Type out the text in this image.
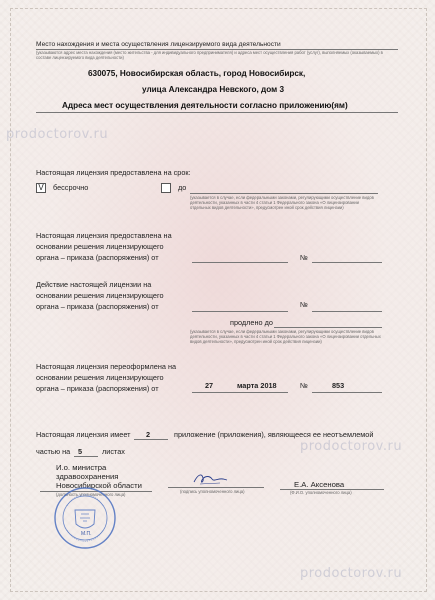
Место нахождения и места осуществления лицензируемого вида деятельности
(указываются адрес места нахождения (место жительства - для индивидуального предпринимателя) и адреса мест осуществления работ (услуг), выполняемых (оказываемых) в составе лицензируемого вида деятельности)
630075, Новосибирская область, город Новосибирск,
улица Александра Невского, дом 3
Адреса мест осуществления деятельности согласно приложению(ям)
prodoctorov.ru
Настоящая лицензия предоставлена на срок:
V	бессрочно	до
(указывается в случае, если федеральными законами, регулирующими осуществление видов деятельности, указанных в части 4 статьи 1 Федерального закона «О лицензировании отдельных видов деятельности», предусмотрен иной срок действия лицензии)
Настоящая лицензия предоставлена на
основании решения лицензирующего
органа – приказа (распоряжения) от	№
Действие настоящей лицензии на
основании решения лицензирующего
органа – приказа (распоряжения) от	№
продлено до
(указывается в случае, если федеральными законами, регулирующими осуществление видов деятельности, указанных в части 4 статьи 1 Федерального закона «О лицензировании отдельных видов деятельности», предусмотрен иной срок действия лицензии)
Настоящая лицензия переоформлена на
основании решения лицензирующего
органа – приказа (распоряжения) от	27	марта 2018	№	853
Настоящая лицензия имеет 2	приложение (приложения), являющееся ее неотъемлемой
частью на 5	листах	prodoctorov.ru
И.о. министра
здравоохранения
Новосибирской области
(должность уполномоченного лица)
(подпись уполномоченного лица)
Е.А. Аксенова
(Ф.И.О. уполномоченного лица)
М.П.
prodoctorov.ru
